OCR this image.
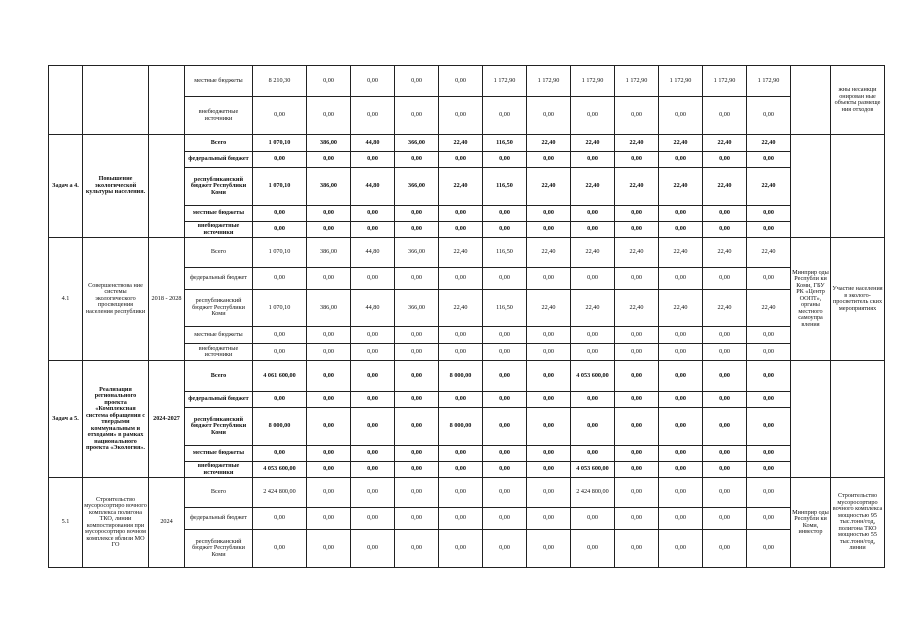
			местные бюджеты	8 210,30	0,00	0,00	0,00	0,00	1 172,90	1 172,90	1 172,90	1 172,90	1 172,90	1 172,90	1 172,90		жны несанкци онирован ные объекты размеще ния отходов
			внебюджетные источники	0,00	0,00	0,00	0,00	0,00	0,00	0,00	0,00	0,00	0,00	0,00	0,00		
Задач а 4.	Повышение экологической культуры населения.		Всего	1 070,10	386,00	44,80	366,00	22,40	116,50	22,40	22,40	22,40	22,40	22,40	22,40		
			федеральный бюджет	0,00	0,00	0,00	0,00	0,00	0,00	0,00	0,00	0,00	0,00	0,00	0,00		
			республиканский бюджет Республики Коми	1 070,10	386,00	44,80	366,00	22,40	116,50	22,40	22,40	22,40	22,40	22,40	22,40		
			местные бюджеты	0,00	0,00	0,00	0,00	0,00	0,00	0,00	0,00	0,00	0,00	0,00	0,00		
			внебюджетные источники	0,00	0,00	0,00	0,00	0,00	0,00	0,00	0,00	0,00	0,00	0,00	0,00		
4.1	Совершенствова ние системы экологического просвещения населения республики	2018 - 2028	Всего	1 070,10	386,00	44,80	366,00	22,40	116,50	22,40	22,40	22,40	22,40	22,40	22,40	Минприр оды Республи ки Коми, ГБУ РК «Центр ООПТ», органы местного самоупра вления	Участие населения в эколого-просветитель ских мероприятиях
			федеральный бюджет	0,00	0,00	0,00	0,00	0,00	0,00	0,00	0,00	0,00	0,00	0,00	0,00		
			республиканский бюджет Республики Коми	1 070,10	386,00	44,80	366,00	22,40	116,50	22,40	22,40	22,40	22,40	22,40	22,40		
			местные бюджеты	0,00	0,00	0,00	0,00	0,00	0,00	0,00	0,00	0,00	0,00	0,00	0,00		
			внебюджетные источники	0,00	0,00	0,00	0,00	0,00	0,00	0,00	0,00	0,00	0,00	0,00	0,00		
Задач а 5.	Реализация регионального проекта «Комплексная система обращения с твердыми коммунальным и отходами» в рамках национального проекта «Экология».	2024-2027	Всего	4 061 600,00	0,00	0,00	0,00	8 000,00	0,00	0,00	4 053 600,00	0,00	0,00	0,00	0,00		
			федеральный бюджет	0,00	0,00	0,00	0,00	0,00	0,00	0,00	0,00	0,00	0,00	0,00	0,00		
			республиканский бюджет Республики Коми	8 000,00	0,00	0,00	0,00	8 000,00	0,00	0,00	0,00	0,00	0,00	0,00	0,00		
			местные бюджеты	0,00	0,00	0,00	0,00	0,00	0,00	0,00	0,00	0,00	0,00	0,00	0,00		
			внебюджетные источники	4 053 600,00	0,00	0,00	0,00	0,00	0,00	0,00	4 053 600,00	0,00	0,00	0,00	0,00		
5.1	Строительство мусоросортиро вочного комплекса полигона ТКО, линии компостирования при мусоросортиро вочном комплексе вблизи МО ГО	2024	Всего	2 424 800,00	0,00	0,00	0,00	0,00	0,00	0,00	2 424 800,00	0,00	0,00	0,00	0,00	Минприр оды Республи ки Коми, инвестор	Строительство мусоросортиро вочного комплекса мощностью 95 тыс.тонн/год, полигона ТКО мощностью 55 тыс.тонн/год, линии
			федеральный бюджет	0,00	0,00	0,00	0,00	0,00	0,00	0,00	0,00	0,00	0,00	0,00	0,00		
			республиканский бюджет Республики Коми	0,00	0,00	0,00	0,00	0,00	0,00	0,00	0,00	0,00	0,00	0,00	0,00		
